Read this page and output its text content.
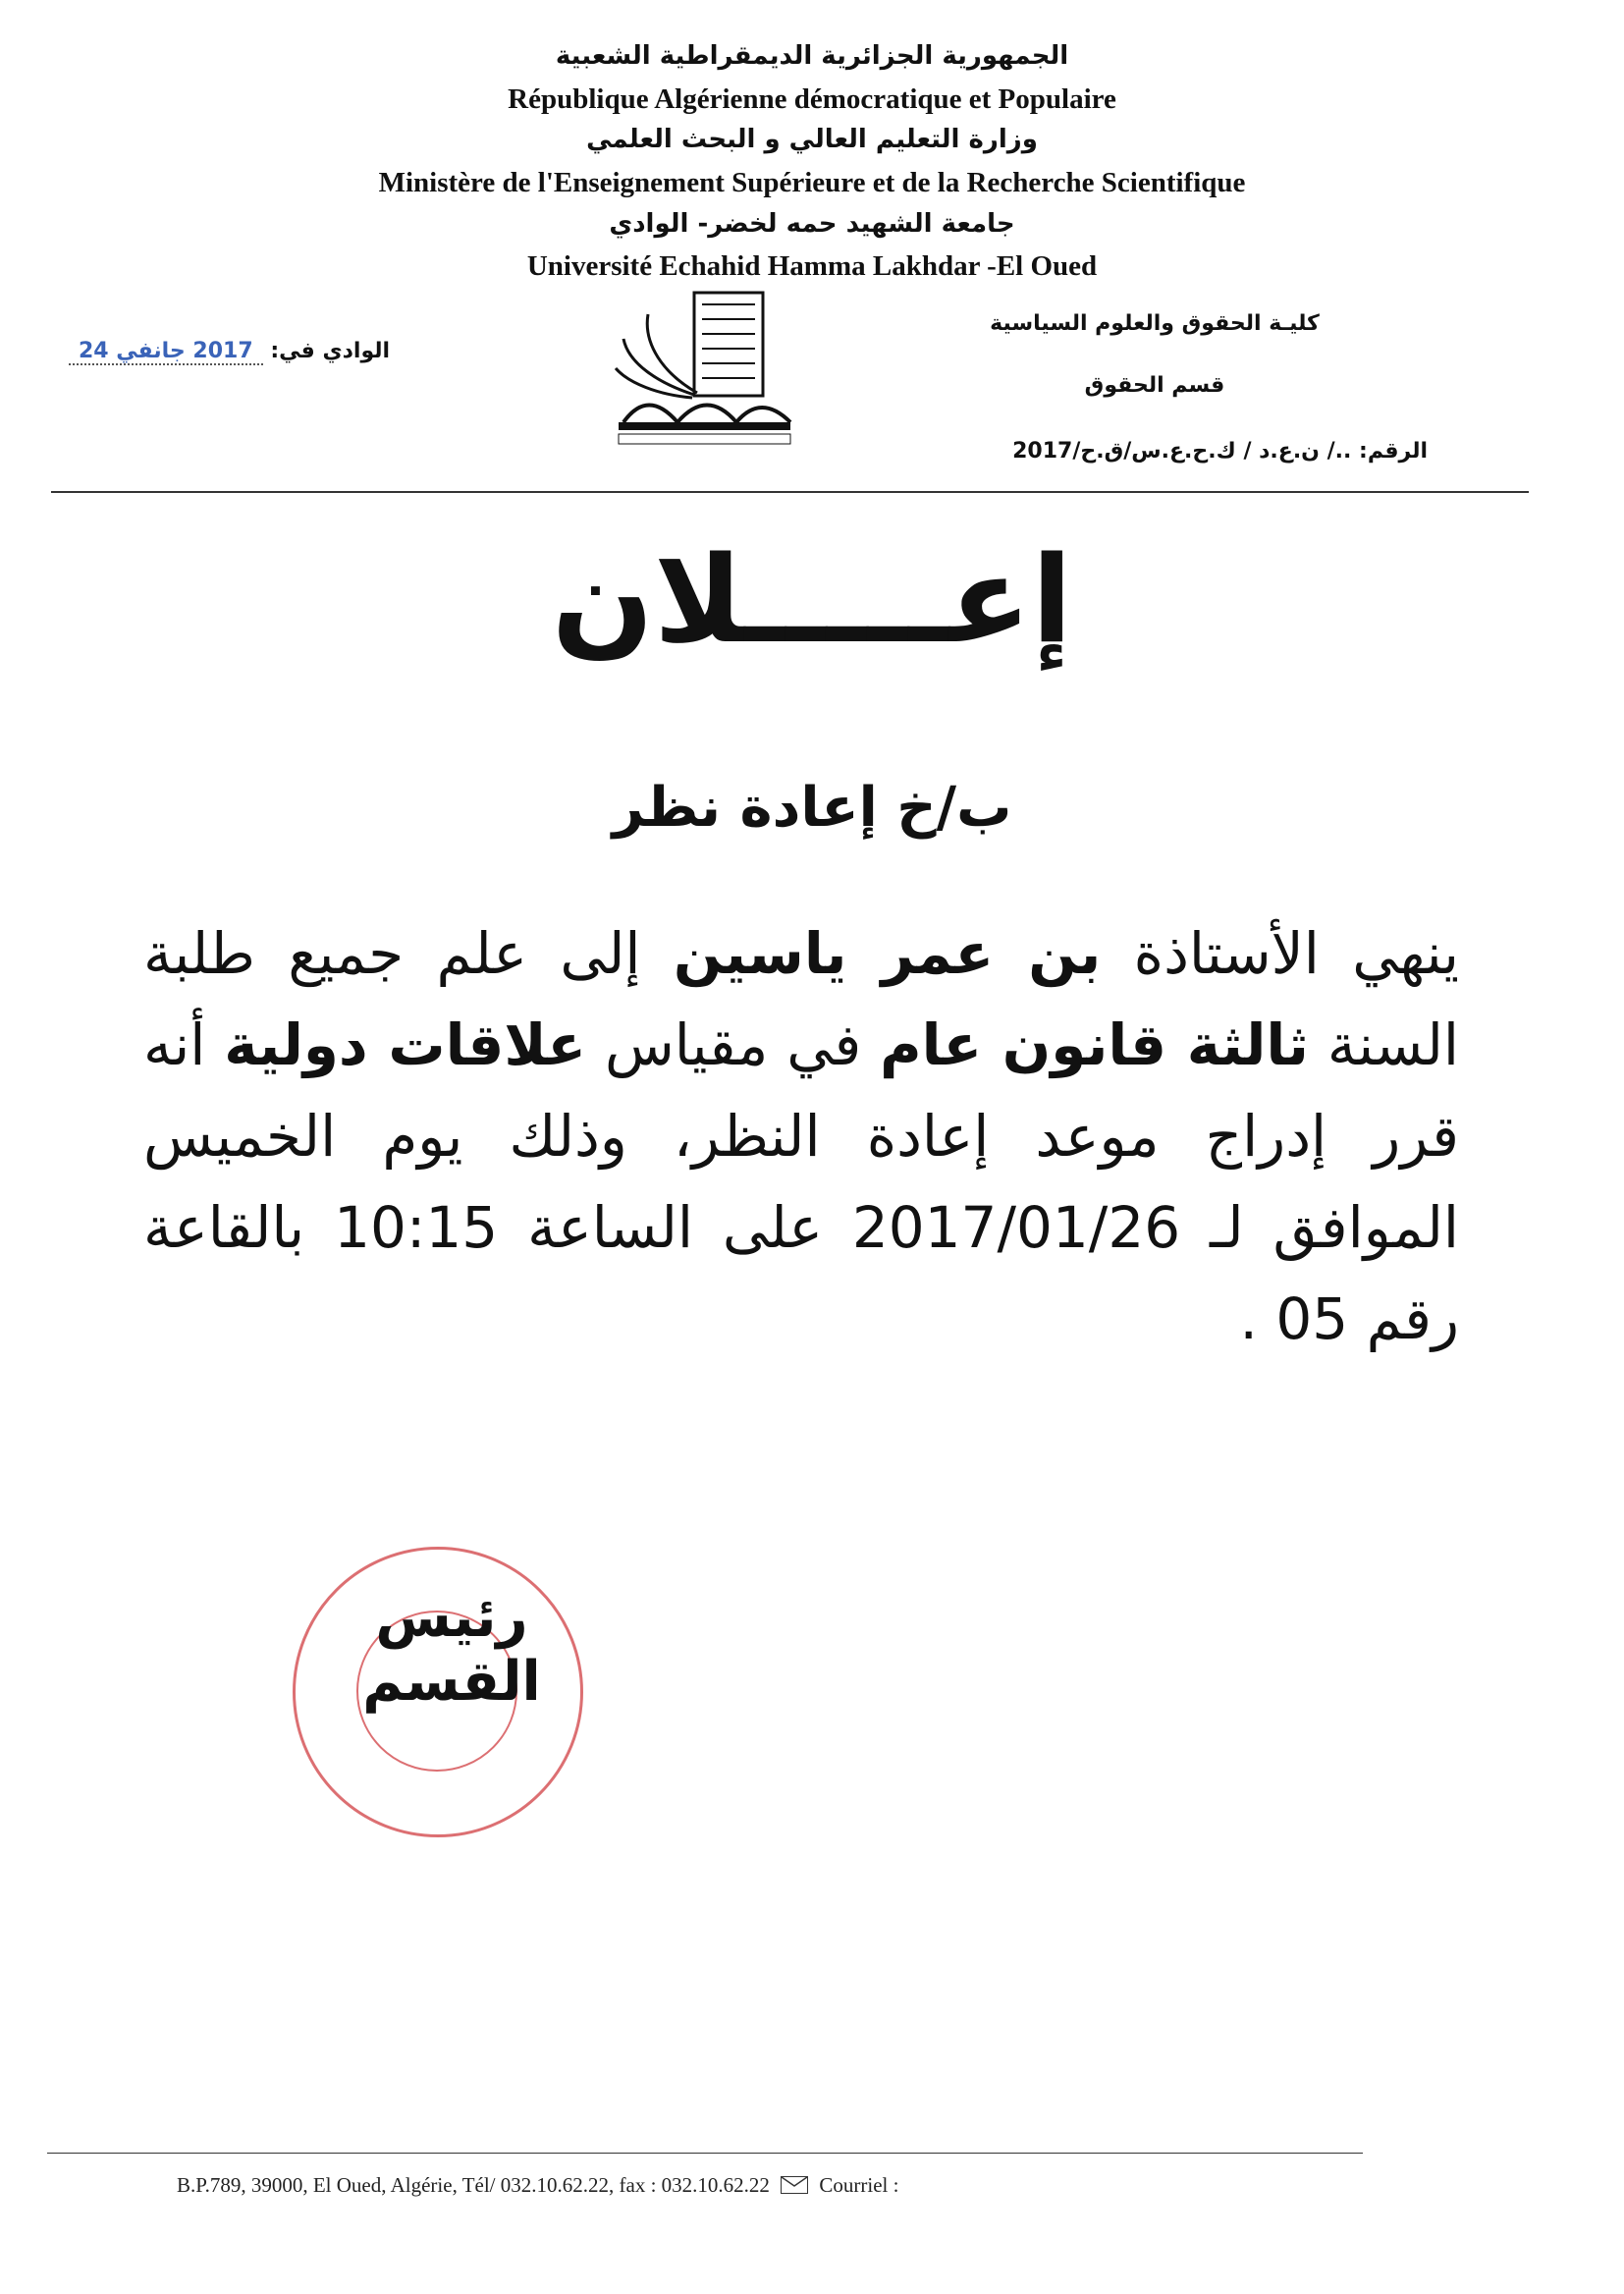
الجمهورية الجزائرية الديمقراطية الشعبية
République Algérienne démocratique et Populaire
وزارة التعليم العالي و البحث العلمي
Ministère de l'Enseignement Supérieure et de la Recherche Scientifique
جامعة الشهيد حمه لخضر- الوادي
Université Echahid Hamma Lakhdar -El Oued
كليـة الحقوق والعلوم السياسية
قسم الحقوق
الرقم: ../ ن.ع.د / ك.ح.ع.س/ق.ح/2017
الوادي في: 2017 جانفي 24
إعـــــلان
ب/خ إعادة نظر
ينهي الأستاذة بن عمر ياسين إلى علم جميع طلبة السنة ثالثة قانون عام في مقياس علاقات دولية أنه قرر إدراج موعد إعادة النظر، وذلك يوم الخميس الموافق لـ 2017/01/26 على الساعة 10:15 بالقاعة رقم 05 .
رئيس القسم
B.P.789, 39000, El Oued, Algérie, Tél/ 032.10.62.22, fax : 032.10.62.22 Courriel :
